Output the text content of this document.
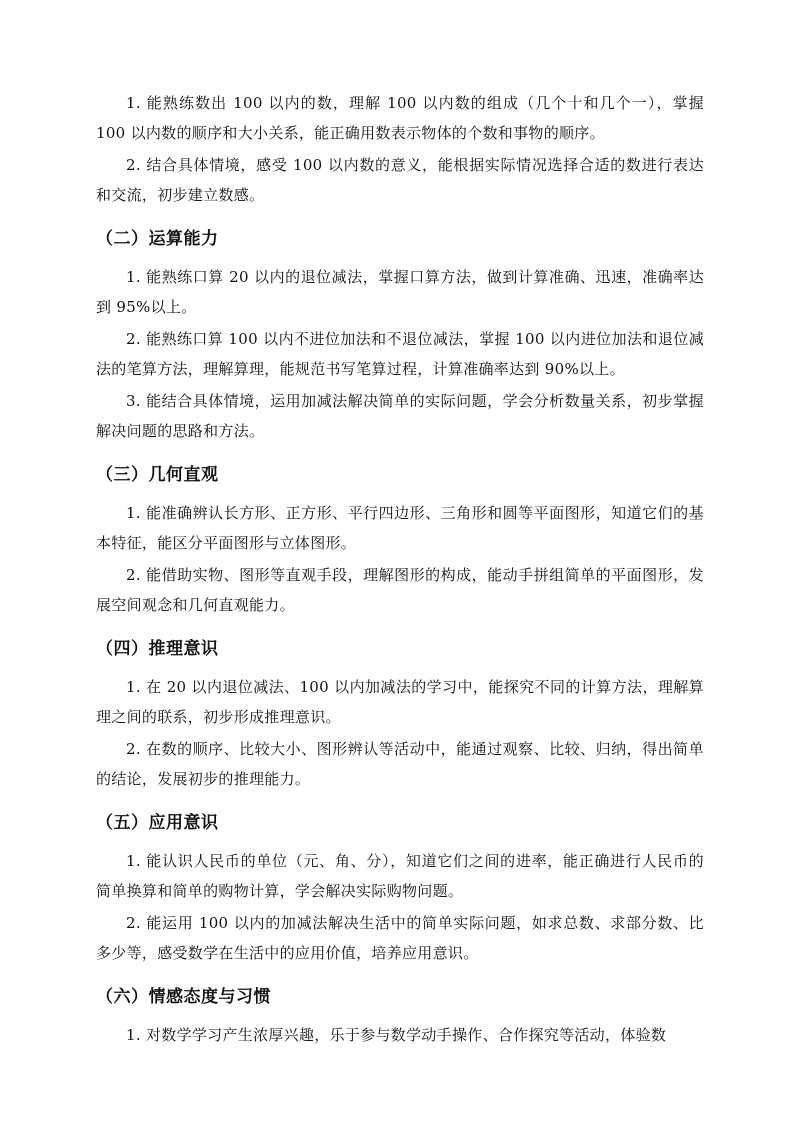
1. 能熟练数出 100 以内的数，理解 100 以内数的组成（几个十和几个一），掌握 100 以内数的顺序和大小关系，能正确用数表示物体的个数和事物的顺序。

2. 结合具体情境，感受 100 以内数的意义，能根据实际情况选择合适的数进行表达和交流，初步建立数感。

（二）运算能力

1. 能熟练口算 20 以内的退位减法，掌握口算方法，做到计算准确、迅速，准确率达到 95%以上。

2. 能熟练口算 100 以内不进位加法和不退位减法，掌握 100 以内进位加法和退位减法的笔算方法，理解算理，能规范书写笔算过程，计算准确率达到 90%以上。

3. 能结合具体情境，运用加减法解决简单的实际问题，学会分析数量关系，初步掌握解决问题的思路和方法。

（三）几何直观

1. 能准确辨认长方形、正方形、平行四边形、三角形和圆等平面图形，知道它们的基本特征，能区分平面图形与立体图形。

2. 能借助实物、图形等直观手段，理解图形的构成，能动手拼组简单的平面图形，发展空间观念和几何直观能力。

（四）推理意识

1. 在 20 以内退位减法、100 以内加减法的学习中，能探究不同的计算方法，理解算理之间的联系，初步形成推理意识。

2. 在数的顺序、比较大小、图形辨认等活动中，能通过观察、比较、归纳，得出简单的结论，发展初步的推理能力。

（五）应用意识

1. 能认识人民币的单位（元、角、分），知道它们之间的进率，能正确进行人民币的简单换算和简单的购物计算，学会解决实际购物问题。

2. 能运用 100 以内的加减法解决生活中的简单实际问题，如求总数、求部分数、比多少等，感受数学在生活中的应用价值，培养应用意识。

（六）情感态度与习惯

1. 对数学学习产生浓厚兴趣，乐于参与数学动手操作、合作探究等活动，体验数
